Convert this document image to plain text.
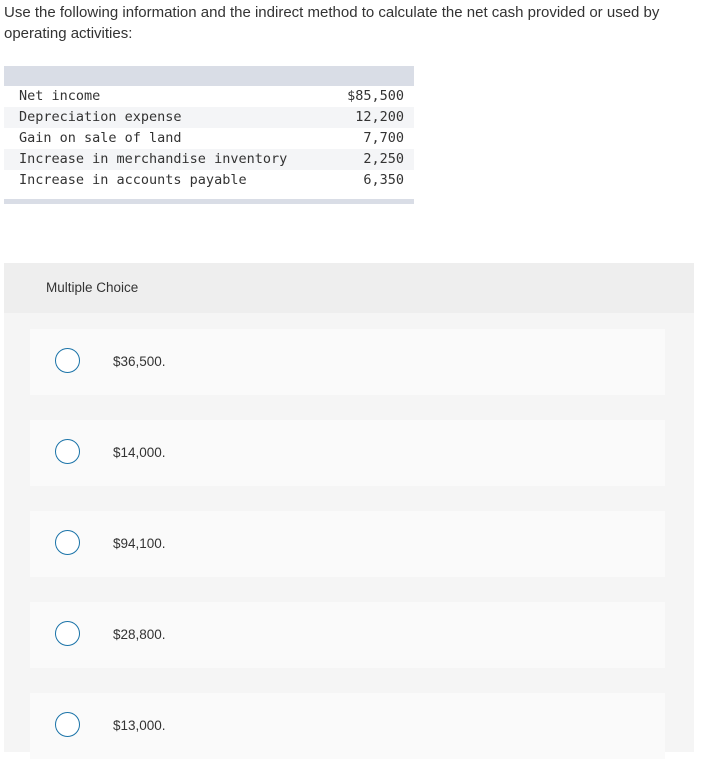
Use the following information and the indirect method to calculate the net cash provided or used by operating activities:
Net income	$85,500
Depreciation expense	12,200
Gain on sale of land	7,700
Increase in merchandise inventory	2,250
Increase in accounts payable	6,350
Multiple Choice
$36,500.
$14,000.
$94,100.
$28,800.
$13,000.
